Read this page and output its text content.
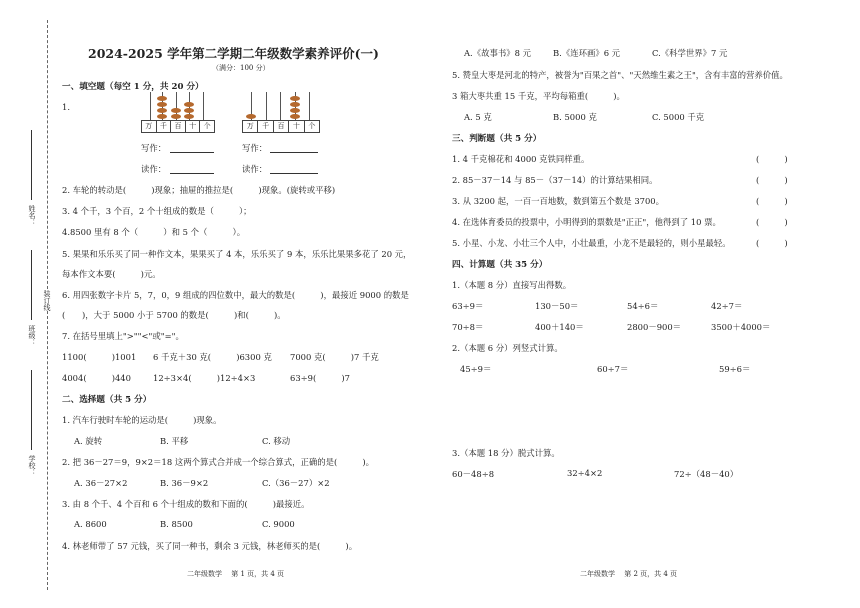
装订线
姓名：
班级：
学校：
2024-2025 学年第二学期二年级数学素养评价(一)
（满分：100 分）
一、填空题（每空 1 分，共 20 分）
1.
万	千	百	十	个	万	千	百	十	个
写作：	写作：
读作：	读作：
2. 车轮的转动是(　　　)现象；抽屉的推拉是(　　　)现象。(旋转或平移)
3. 4 个千，3 个百，2 个十组成的数是（　　　）；
4.8500 里有 8 个（　　　）和 5 个（　　　）。
5. 果果和乐乐买了同一种作文本，果果买了 4 本，乐乐买了 9 本，乐乐比果果多花了 20 元，
每本作文本要(　　　)元。
6. 用四张数字卡片 5，7，0，9 组成的四位数中，最大的数是(　　　)，最接近 9000 的数是
(　　)，大于 5000 小于 5700 的数是(　　　)和(　　　)。
7. 在括号里填上">""<"或"="。
1100(　　　)1001 6 千克＋30 克(　　　)6300 克 7000 克(　　　)7 千克
4004(　　　)440	12÷3×4(　　　)12÷4×3	63÷9(　　　)7
二、选择题（共 5 分）
1. 汽车行驶时车轮的运动是(　　　)现象。
A. 旋转	B. 平移	C. 移动
2. 把 36－27＝9，9×2＝18 这两个算式合并成一个综合算式，正确的是(　　　)。
A. 36－27×2	B. 36－9×2	C.（36－27）×2
3. 由 8 个千、4 个百和 6 个十组成的数和下面的(　　　)最接近。
A. 8600	B. 8500	C. 9000
4. 林老师带了 57 元钱，买了同一种书，剩余 3 元钱，林老师买的是(　　　)。
二年级数学　 第 1 页，共 4 页
A.《故事书》8 元	B.《连环画》6 元	C.《科学世界》7 元
5. 赞皇大枣是河北的特产，被誉为"百果之首"、"天然维生素之王"，含有丰富的营养价值。
3 箱大枣共重 15 千克，平均每箱重(　　　)。
A. 5 克	B. 5000 克	C. 5000 千克
三、判断题（共 5 分）
1. 4 千克棉花和 4000 克铁同样重。	(　　　)
2. 85－37－14 与 85－（37－14）的计算结果相同。	(　　　)
3. 从 3200 起，一百一百地数，数到第五个数是 3700。	(　　　)
4. 在选体育委员的投票中，小明得到的票数是"正正"，他得到了 10 票。	(　　　)
5. 小星、小龙、小壮三个人中，小壮最重，小龙不是最轻的，则小星最轻。	(　　　)
四、计算题（共 35 分）
1.（本题 8 分）直接写出得数。
63÷9＝	130－50＝	54÷6＝	42÷7＝
70÷8＝	400＋140＝	2800－900＝	3500＋4000＝
2.（本题 6 分）列竖式计算。
45÷9＝	60÷7＝	59÷6＝
3.（本题 18 分）脱式计算。
60－48÷8	32÷4×2	72÷（48－40）
二年级数学　 第 2 页，共 4 页
